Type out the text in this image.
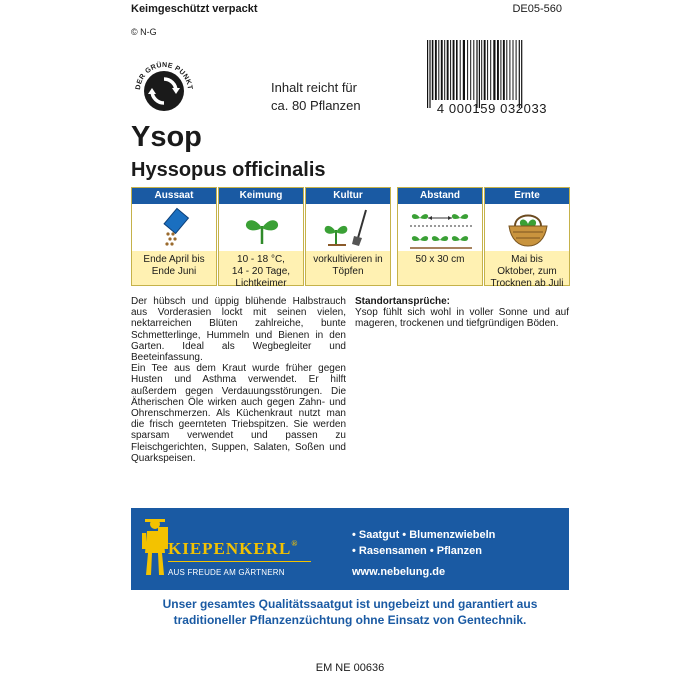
Keimgeschützt verpackt	DE05-560
© N-G
DER GRÜNE PUNKT	Inhalt reicht für
ca. 80 Pflanzen	4 000159 032033
Ysop
Hyssopus officinalis
Aussaat
Ende April bis
Ende Juni
Keimung
10 - 18 °C,
14 - 20 Tage,
Lichtkeimer
Kultur
vorkultivieren in
Töpfen
Abstand
50 x 30 cm
Ernte
Mai bis
Oktober, zum
Trocknen ab Juli

Der hübsch und üppig blühende Halbstrauch aus Vorderasien lockt mit seinen vielen, nektarreichen Blüten zahlreiche, bunte Schmetterlinge, Hummeln und Bienen in den Garten. Ideal als Wegbegleiter und Beeteinfassung.

Ein Tee aus dem Kraut wurde früher gegen Husten und Asthma verwendet. Er hilft außerdem gegen Verdauungsstörungen. Die Ätherischen Öle wirken auch gegen Zahn- und Ohrenschmerzen. Als Küchenkraut nutzt man die frisch geernteten Triebspitzen. Sie werden sparsam verwendet und passen zu Fleischgerichten, Suppen, Salaten, Soßen und Quarkspeisen.

Standortansprüche:
Ysop fühlt sich wohl in voller Sonne und auf mageren, trockenen und tiefgründigen Böden.
KIEPENKERL®
AUS FREUDE AM GÄRTNERN
• Saatgut • Blumenzwiebeln
• Rasensamen • Pflanzen
www.nebelung.de
Unser gesamtes Qualitätssaatgut ist ungebeizt und garantiert aus
traditioneller Pflanzenzüchtung ohne Einsatz von Gentechnik.
EM NE 00636
